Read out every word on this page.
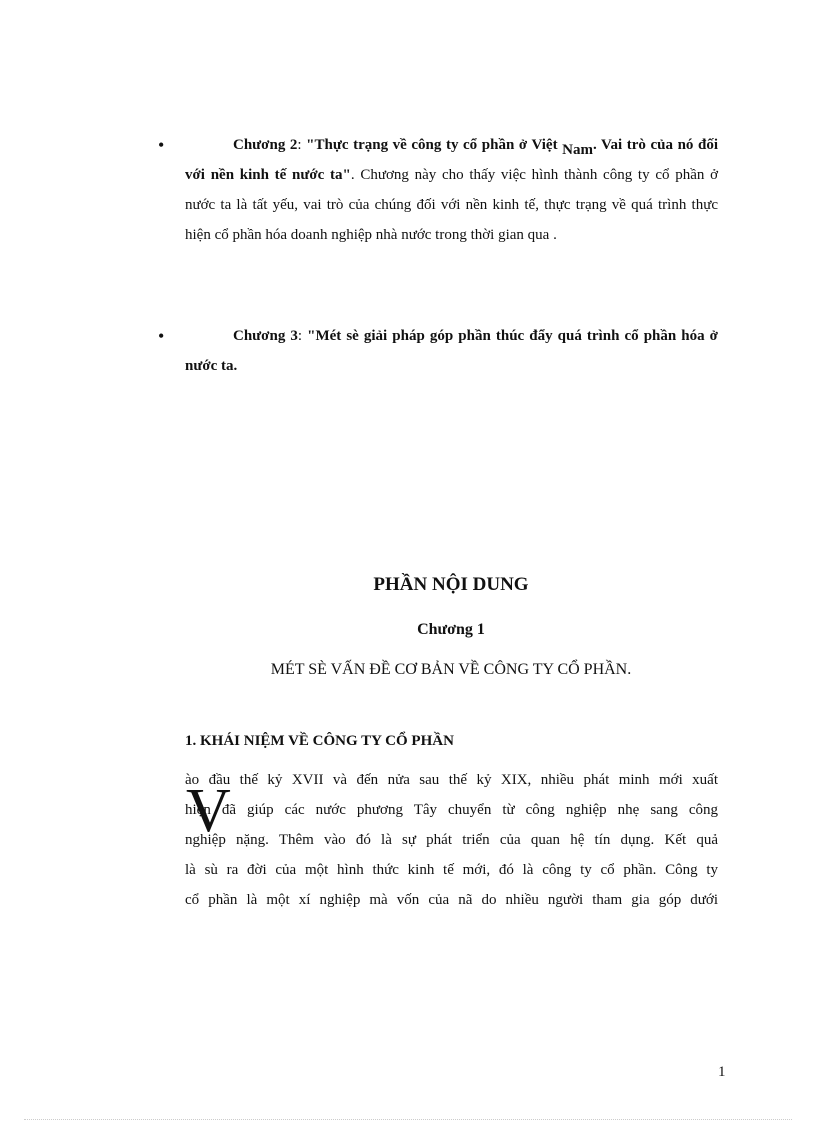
•	Chương 2: "Thực trạng về công ty cổ phần ở Việt Nam. Vai trò của nó đối với nền kinh tế nước ta". Chương này cho thấy việc hình thành công ty cổ phần ở nước ta là tất yếu, vai trò của chúng đối với nền kinh tế, thực trạng về quá trình thực hiện cổ phần hóa doanh nghiệp nhà nước trong thời gian qua .
•	Chương 3: "Mét sè giải pháp góp phần thúc đẩy quá trình cổ phần hóa ở nước ta.
PHẦN NỘI DUNG
Chương 1
MÉT SÈ VẤN ĐỀ CƠ BẢN VỀ CÔNG TY CỔ PHẦN.
1. KHÁI NIỆM VỀ CÔNG TY CỔ PHẦN
V
ào đầu thế kỷ XVII và đến nửa sau thế kỷ XIX, nhiều phát minh mới xuất
hiện đã giúp các nước phương Tây chuyển từ công nghiệp nhẹ sang công
nghiệp nặng. Thêm vào đó là sự phát triển của quan hệ tín dụng. Kết quả
là sù ra đời của một hình thức kinh tế mới, đó là công ty cổ phần. Công ty
cổ phần là một xí nghiệp mà vốn của nã do nhiều người tham gia góp dưới
1
